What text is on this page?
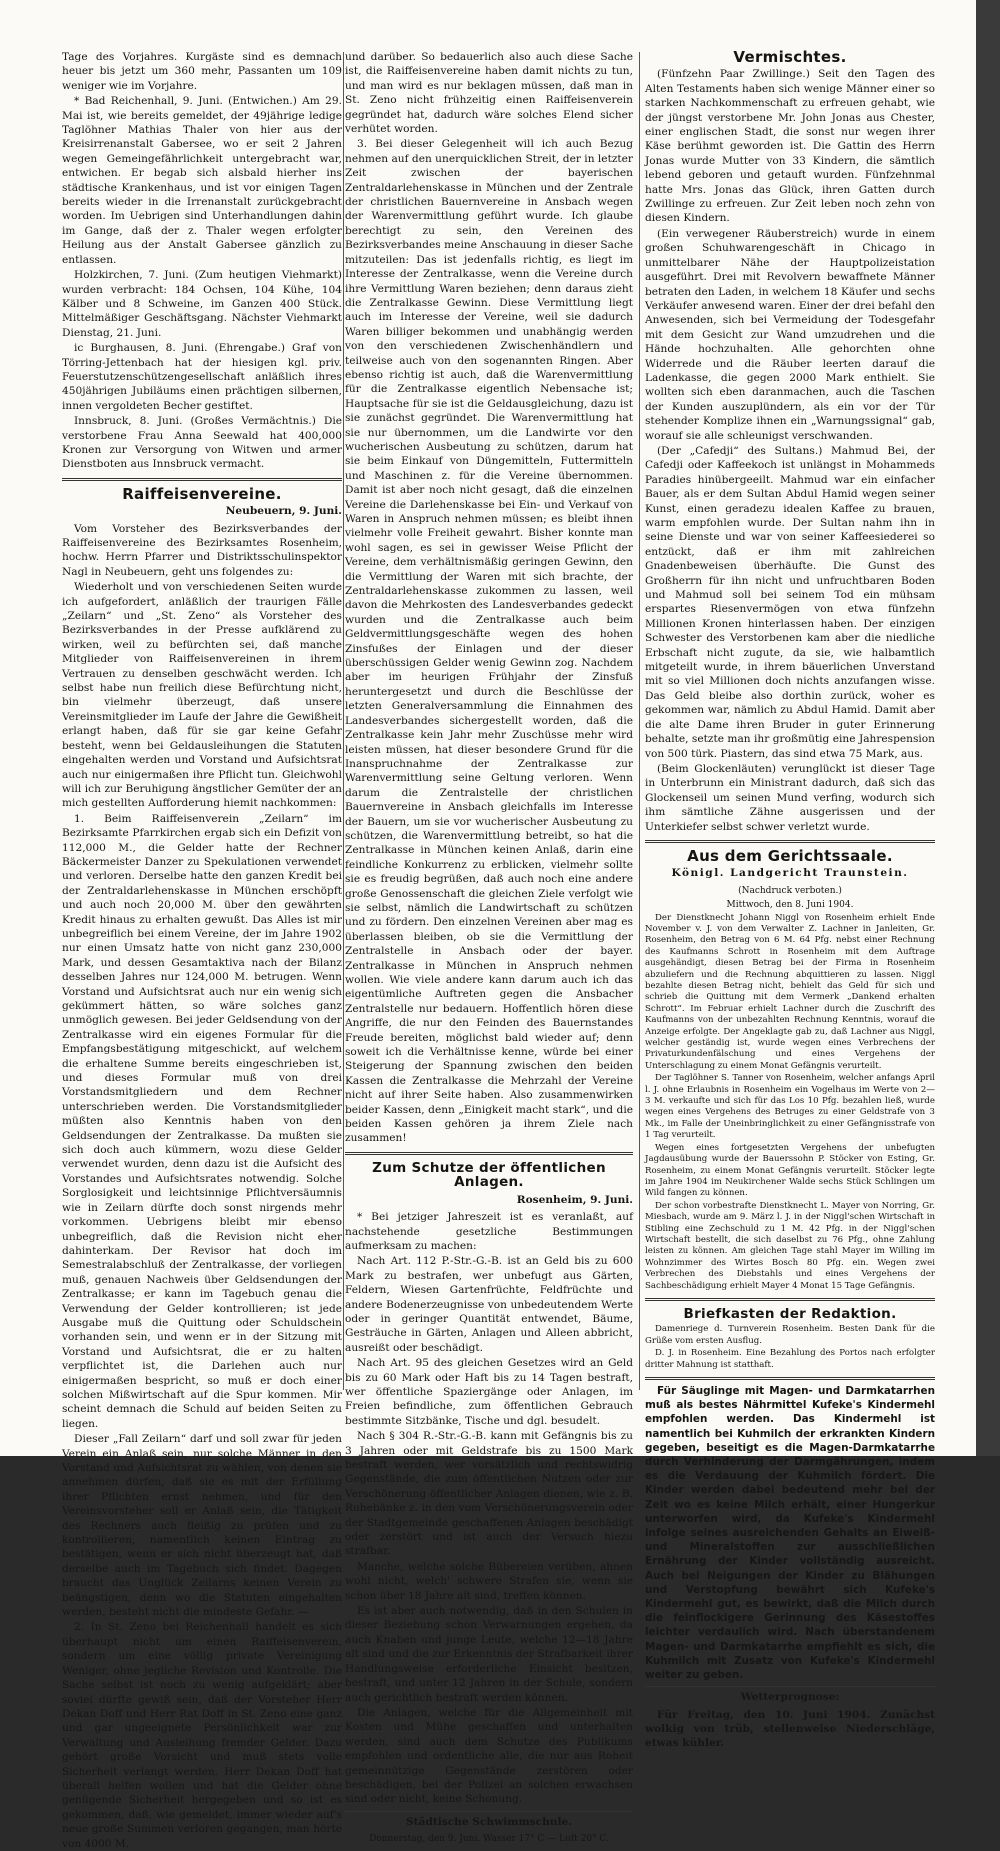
Tage des Vorjahres. Kurgäste sind es demnach heuer bis jetzt um 360 mehr, Passanten um 109 weniger wie im Vorjahre.

* Bad Reichenhall, 9. Juni. (Entwichen.) Am 29. Mai ist, wie bereits gemeldet, der 49jährige ledige Taglöhner Mathias Thaler von hier aus der Kreisirrenanstalt Gabersee, wo er seit 2 Jahren wegen Gemeingefährlichkeit untergebracht war, entwichen. Er begab sich alsbald hierher ins städtische Krankenhaus, und ist vor einigen Tagen bereits wieder in die Irrenanstalt zurückgebracht worden. Im Uebrigen sind Unterhandlungen dahin im Gange, daß der z. Thaler wegen erfolgter Heilung aus der Anstalt Gabersee gänzlich zu entlassen.

Holzkirchen, 7. Juni. (Zum heutigen Viehmarkt) wurden verbracht: 184 Ochsen, 104 Kühe, 104 Kälber und 8 Schweine, im Ganzen 400 Stück. Mittelmäßiger Geschäftsgang. Nächster Viehmarkt Dienstag, 21. Juni.

ic Burghausen, 8. Juni. (Ehrengabe.) Graf von Törring-Jettenbach hat der hiesigen kgl. priv. Feuerstutzenschützengesellschaft anläßlich ihres 450jährigen Jubiläums einen prächtigen silbernen, innen vergoldeten Becher gestiftet.

Innsbruck, 8. Juni. (Großes Vermächtnis.) Die verstorbene Frau Anna Seewald hat 400,000 Kronen zur Versorgung von Witwen und armer Dienstboten aus Innsbruck vermacht.

Raiffeisenvereine.
Neubeuern, 9. Juni.

Vom Vorsteher des Bezirksverbandes der Raiffeisenvereine des Bezirksamtes Rosenheim, hochw. Herrn Pfarrer und Distriktsschulinspektor Nagl in Neubeuern, geht uns folgendes zu:

Wiederholt und von verschiedenen Seiten wurde ich aufgefordert, anläßlich der traurigen Fälle „Zeilarn“ und „St. Zeno“ als Vorsteher des Bezirksverbandes in der Presse aufklärend zu wirken, weil zu befürchten sei, daß manche Mitglieder von Raiffeisenvereinen in ihrem Vertrauen zu denselben geschwächt werden. Ich selbst habe nun freilich diese Befürchtung nicht, bin vielmehr überzeugt, daß unsere Vereinsmitglieder im Laufe der Jahre die Gewißheit erlangt haben, daß für sie gar keine Gefahr besteht, wenn bei Geldausleihungen die Statuten eingehalten werden und Vorstand und Aufsichtsrat auch nur einigermaßen ihre Pflicht tun. Gleichwohl will ich zur Beruhigung ängstlicher Gemüter der an mich gestellten Aufforderung hiemit nachkommen:

1. Beim Raiffeisenverein „Zeilarn“ im Bezirksamte Pfarrkirchen ergab sich ein Defizit von 112,000 M., die Gelder hatte der Rechner Bäckermeister Danzer zu Spekulationen verwendet und verloren. Derselbe hatte den ganzen Kredit bei der Zentraldarlehenskasse in München erschöpft und auch noch 20,000 M. über den gewährten Kredit hinaus zu erhalten gewußt. Das Alles ist mir unbegreiflich bei einem Vereine, der im Jahre 1902 nur einen Umsatz hatte von nicht ganz 230,000 Mark, und dessen Gesamtaktiva nach der Bilanz desselben Jahres nur 124,000 M. betrugen. Wenn Vorstand und Aufsichtsrat auch nur ein wenig sich gekümmert hätten, so wäre solches ganz unmöglich gewesen. Bei jeder Geldsendung von der Zentralkasse wird ein eigenes Formular für die Empfangsbestätigung mitgeschickt, auf welchem die erhaltene Summe bereits eingeschrieben ist, und dieses Formular muß von drei Vorstandsmitgliedern und dem Rechner unterschrieben werden. Die Vorstandsmitglieder müßten also Kenntnis haben von den Geldsendungen der Zentralkasse. Da mußten sie sich doch auch kümmern, wozu diese Gelder verwendet wurden, denn dazu ist die Aufsicht des Vorstandes und Aufsichtsrates notwendig. Solche Sorglosigkeit und leichtsinnige Pflichtversäumnis wie in Zeilarn dürfte doch sonst nirgends mehr vorkommen. Uebrigens bleibt mir ebenso unbegreiflich, daß die Revision nicht eher dahinterkam. Der Revisor hat doch im Semestralabschluß der Zentralkasse, der vorliegen muß, genauen Nachweis über Geldsendungen der Zentralkasse; er kann im Tagebuch genau die Verwendung der Gelder kontrollieren; ist jede Ausgabe muß die Quittung oder Schuldschein vorhanden sein, und wenn er in der Sitzung mit Vorstand und Aufsichtsrat, die er zu halten verpflichtet ist, die Darlehen auch nur einigermaßen bespricht, so muß er doch einer solchen Mißwirtschaft auf die Spur kommen. Mir scheint demnach die Schuld auf beiden Seiten zu liegen.

Dieser „Fall Zeilarn“ darf und soll zwar für jeden Verein ein Anlaß sein, nur solche Männer in den Vorstand und Aufsichtsrat zu wählen, von denen sie annehmen dürfen, daß sie es mit der Erfüllung ihrer Pflichten ernst nehmen, und für den Vereinsvorsteher soll er Anlaß sein, die Tätigkeit des Rechners auch fleißig zu prüfen und zu kontrollieren, namentlich keinen Eintrag zu bestätigen, wenn er sich nicht überzeugt hat, daß derselbe auch im Tagebuch sich findet. Dagegen braucht das Unglück Zeilarns keinen Verein zu beängstigen, denn wo die Statuten eingehalten werden, besteht nicht die mindeste Gefahr. —

2. In St. Zeno bei Reichenhall handelt es sich überhaupt nicht um einen Raiffeisenverein, sondern um eine völlig private Vereinigung Weniger, ohne jegliche Revision und Kontrolle. Die Sache selbst ist noch zu wenig aufgeklärt; aber soviel dürfte gewiß sein, daß der Vorsteher Herr Dekan Doff und Herr Rat Doff in St. Zeno eine ganz und gar ungeeignete Persönlichkeit war zur Verwaltung und Ausleihung fremder Gelder. Dazu gehört große Vorsicht und muß stets volle Sicherheit verlangt werden. Herr Dekan Doff hat überall helfen wollen und hat die Gelder ohne genügende Sicherheit hergegeben und so ist es gekommen, daß, wie gemeldet, immer wieder auf's neue große Summen verloren gegangen, man hörte von 4000 M.

und darüber. So bedauerlich also auch diese Sache ist, die Raiffeisenvereine haben damit nichts zu tun, und man wird es nur beklagen müssen, daß man in St. Zeno nicht frühzeitig einen Raiffeisenverein gegründet hat, dadurch wäre solches Elend sicher verhütet worden.

3. Bei dieser Gelegenheit will ich auch Bezug nehmen auf den unerquicklichen Streit, der in letzter Zeit zwischen der bayerischen Zentraldarlehenskasse in München und der Zentrale der christlichen Bauernvereine in Ansbach wegen der Warenvermittlung geführt wurde. Ich glaube berechtigt zu sein, den Vereinen des Bezirksverbandes meine Anschauung in dieser Sache mitzuteilen: Das ist jedenfalls richtig, es liegt im Interesse der Zentralkasse, wenn die Vereine durch ihre Vermittlung Waren beziehen; denn daraus zieht die Zentralkasse Gewinn. Diese Vermittlung liegt auch im Interesse der Vereine, weil sie dadurch Waren billiger bekommen und unabhängig werden von den verschiedenen Zwischenhändlern und teilweise auch von den sogenannten Ringen. Aber ebenso richtig ist auch, daß die Warenvermittlung für die Zentralkasse eigentlich Nebensache ist; Hauptsache für sie ist die Geldausgleichung, dazu ist sie zunächst gegründet. Die Warenvermittlung hat sie nur übernommen, um die Landwirte vor den wucherischen Ausbeutung zu schützen, darum hat sie beim Einkauf von Düngemitteln, Futtermitteln und Maschinen z. für die Vereine übernommen. Damit ist aber noch nicht gesagt, daß die einzelnen Vereine die Darlehenskasse bei Ein- und Verkauf von Waren in Anspruch nehmen müssen; es bleibt ihnen vielmehr volle Freiheit gewahrt. Bisher konnte man wohl sagen, es sei in gewisser Weise Pflicht der Vereine, dem verhältnismäßig geringen Gewinn, den die Vermittlung der Waren mit sich brachte, der Zentraldarlehenskasse zukommen zu lassen, weil davon die Mehrkosten des Landesverbandes gedeckt wurden und die Zentralkasse auch beim Geldvermittlungsgeschäfte wegen des hohen Zinsfußes der Einlagen und der dieser überschüssigen Gelder wenig Gewinn zog. Nachdem aber im heurigen Frühjahr der Zinsfuß heruntergesetzt und durch die Beschlüsse der letzten Generalversammlung die Einnahmen des Landesverbandes sichergestellt worden, daß die Zentralkasse kein Jahr mehr Zuschüsse mehr wird leisten müssen, hat dieser besondere Grund für die Inanspruchnahme der Zentralkasse zur Warenvermittlung seine Geltung verloren. Wenn darum die Zentralstelle der christlichen Bauernvereine in Ansbach gleichfalls im Interesse der Bauern, um sie vor wucherischer Ausbeutung zu schützen, die Warenvermittlung betreibt, so hat die Zentralkasse in München keinen Anlaß, darin eine feindliche Konkurrenz zu erblicken, vielmehr sollte sie es freudig begrüßen, daß auch noch eine andere große Genossenschaft die gleichen Ziele verfolgt wie sie selbst, nämlich die Landwirtschaft zu schützen und zu fördern. Den einzelnen Vereinen aber mag es überlassen bleiben, ob sie die Vermittlung der Zentralstelle in Ansbach oder der bayer. Zentralkasse in München in Anspruch nehmen wollen. Wie viele andere kann darum auch ich das eigentümliche Auftreten gegen die Ansbacher Zentralstelle nur bedauern. Hoffentlich hören diese Angriffe, die nur den Feinden des Bauernstandes Freude bereiten, möglichst bald wieder auf; denn soweit ich die Verhältnisse kenne, würde bei einer Steigerung der Spannung zwischen den beiden Kassen die Zentralkasse die Mehrzahl der Vereine nicht auf ihrer Seite haben. Also zusammenwirken beider Kassen, denn „Einigkeit macht stark“, und die beiden Kassen gehören ja ihrem Ziele nach zusammen!

Zum Schutze der öffentlichen Anlagen.
Rosenheim, 9. Juni.

* Bei jetziger Jahreszeit ist es veranlaßt, auf nachstehende gesetzliche Bestimmungen aufmerksam zu machen:

Nach Art. 112 P.-Str.-G.-B. ist an Geld bis zu 600 Mark zu bestrafen, wer unbefugt aus Gärten, Feldern, Wiesen Gartenfrüchte, Feldfrüchte und andere Bodenerzeugnisse von unbedeutendem Werte oder in geringer Quantität entwendet, Bäume, Gesträuche in Gärten, Anlagen und Alleen abbricht, ausreißt oder beschädigt.

Nach Art. 95 des gleichen Gesetzes wird an Geld bis zu 60 Mark oder Haft bis zu 14 Tagen bestraft, wer öffentliche Spaziergänge oder Anlagen, im Freien befindliche, zum öffentlichen Gebrauch bestimmte Sitzbänke, Tische und dgl. besudelt.

Nach § 304 R.-Str.-G.-B. kann mit Gefängnis bis zu 3 Jahren oder mit Geldstrafe bis zu 1500 Mark bestraft werden, wer vorsätzlich und rechtswidrig Gegenstände, die zum öffentlichen Nutzen oder zur Verschönerung öffentlicher Anlagen dienen, wie z. B. Ruhebänke z. in den vom Verschönerungsverein oder der Stadtgemeinde geschaffenen Anlagen beschädigt oder zerstört und ist auch der Versuch hiezu strafbar.

Manche, welche solche Bübereien verüben, ahnen wohl nicht, welch' schwere Strafen sie, wenn sie schon über 18 Jahre alt sind, treffen können.

Es ist aber auch notwendig, daß in den Schulen in dieser Beziehung schon Verwarnungen ergehen, da auch Knaben und junge Leute, welche 12—18 Jahre alt sind und die zur Erkenntnis der Strafbarkeit ihrer Handlungsweise erforderliche Einsicht besitzen, bestraft, und unter 12 Jahren in der Schule, sondern auch gerichtlich bestraft werden können.

Die Anlagen, welche für die Allgemeinheit mit Kosten und Mühe geschaffen und unterhalten werden, sind auch dem Schutze des Publikums empfohlen und ordentliche alle, die nur aus Roheit gemeinnützige Gegenstände zerstören oder beschädigen, bei der Polizei an solchen erwachsen sind oder nicht, keine Schonung.

Städtische Schwimmschule.
Donnerstag, den 9. Juni. Wasser 17° C — Luft 20° C.
Vermischtes.

(Fünfzehn Paar Zwillinge.) Seit den Tagen des Alten Testaments haben sich wenige Männer einer so starken Nachkommenschaft zu erfreuen gehabt, wie der jüngst verstorbene Mr. John Jonas aus Chester, einer englischen Stadt, die sonst nur wegen ihrer Käse berühmt geworden ist. Die Gattin des Herrn Jonas wurde Mutter von 33 Kindern, die sämtlich lebend geboren und getauft wurden. Fünfzehnmal hatte Mrs. Jonas das Glück, ihren Gatten durch Zwillinge zu erfreuen. Zur Zeit leben noch zehn von diesen Kindern.

(Ein verwegener Räuberstreich) wurde in einem großen Schuhwarengeschäft in Chicago in unmittelbarer Nähe der Hauptpolizeistation ausgeführt. Drei mit Revolvern bewaffnete Männer betraten den Laden, in welchem 18 Käufer und sechs Verkäufer anwesend waren. Einer der drei befahl den Anwesenden, sich bei Vermeidung der Todesgefahr mit dem Gesicht zur Wand umzudrehen und die Hände hochzuhalten. Alle gehorchten ohne Widerrede und die Räuber leerten darauf die Ladenkasse, die gegen 2000 Mark enthielt. Sie wollten sich eben daranmachen, auch die Taschen der Kunden auszuplündern, als ein vor der Tür stehender Komplize ihnen ein „Warnungssignal“ gab, worauf sie alle schleunigst verschwanden.

(Der „Cafedji“ des Sultans.) Mahmud Bei, der Cafedji oder Kaffeekoch ist unlängst in Mohammeds Paradies hinübergeeilt. Mahmud war ein einfacher Bauer, als er dem Sultan Abdul Hamid wegen seiner Kunst, einen geradezu idealen Kaffee zu brauen, warm empfohlen wurde. Der Sultan nahm ihn in seine Dienste und war von seiner Kaffeesiederei so entzückt, daß er ihm mit zahlreichen Gnadenbeweisen überhäufte. Die Gunst des Großherrn für ihn nicht und unfruchtbaren Boden und Mahmud soll bei seinem Tod ein mühsam erspartes Riesenvermögen von etwa fünfzehn Millionen Kronen hinterlassen haben. Der einzigen Schwester des Verstorbenen kam aber die niedliche Erbschaft nicht zugute, da sie, wie halbamtlich mitgeteilt wurde, in ihrem bäuerlichen Unverstand mit so viel Millionen doch nichts anzufangen wisse. Das Geld bleibe also dorthin zurück, woher es gekommen war, nämlich zu Abdul Hamid. Damit aber die alte Dame ihren Bruder in guter Erinnerung behalte, setzte man ihr großmütig eine Jahrespension von 500 türk. Piastern, das sind etwa 75 Mark, aus.

(Beim Glockenläuten) verunglückt ist dieser Tage in Unterbrunn ein Ministrant dadurch, daß sich das Glockenseil um seinen Mund verfing, wodurch sich ihm sämtliche Zähne ausgerissen und der Unterkiefer selbst schwer verletzt wurde.

Aus dem Gerichtssaale.
Königl. Landgericht Traunstein.
(Nachdruck verboten.)
Mittwoch, den 8. Juni 1904.

Der Dienstknecht Johann Niggl von Rosenheim erhielt Ende November v. J. von dem Verwalter Z. Lachner in Janleiten, Gr. Rosenheim, den Betrag von 6 M. 64 Pfg. nebst einer Rechnung des Kaufmanns Schrott in Rosenheim mit dem Auftrage ausgehändigt, diesen Betrag bei der Firma in Rosenheim abzuliefern und die Rechnung abquittieren zu lassen. Niggl bezahlte diesen Betrag nicht, behielt das Geld für sich und schrieb die Quittung mit dem Vermerk „Dankend erhalten Schrott“. Im Februar erhielt Lachner durch die Zuschrift des Kaufmanns von der unbezahlten Rechnung Kenntnis, worauf die Anzeige erfolgte. Der Angeklagte gab zu, daß Lachner aus Niggl, welcher geständig ist, wurde wegen eines Verbrechens der Privaturkundenfälschung und eines Vergehens der Unterschlagung zu einem Monat Gefängnis verurteilt.

Der Taglöhner S. Tanner von Rosenheim, welcher anfangs April l. J. ohne Erlaubnis in Rosenheim ein Vogelhaus im Werte von 2—3 M. verkaufte und sich für das Los 10 Pfg. bezahlen ließ, wurde wegen eines Vergehens des Betruges zu einer Geldstrafe von 3 Mk., im Falle der Uneinbringlichkeit zu einer Gefängnisstrafe von 1 Tag verurteilt.

Wegen eines fortgesetzten Vergehens der unbefugten Jagdausübung wurde der Bauerssohn P. Stöcker von Esting, Gr. Rosenheim, zu einem Monat Gefängnis verurteilt. Stöcker legte im Jahre 1904 im Neukirchener Walde sechs Stück Schlingen um Wild fangen zu können.

Der schon vorbestrafte Dienstknecht L. Mayer von Norring, Gr. Miesbach, wurde am 9. März l. J. in der Niggl'schen Wirtschaft in Stibling eine Zechschuld zu 1 M. 42 Pfg. in der Niggl'schen Wirtschaft bestellt, die sich daselbst zu 76 Pfg., ohne Zahlung leisten zu können. Am gleichen Tage stahl Mayer im Willing im Wohnzimmer des Wirtes Bosch 80 Pfg. ein. Wegen zwei Verbrechen des Diebstahls und eines Vergehens der Sachbeschädigung erhielt Mayer 4 Monat 15 Tage Gefängnis.

Briefkasten der Redaktion.

Damenriege d. Turnverein Rosenheim. Besten Dank für die Grüße vom ersten Ausflug.

D. J. in Rosenheim. Eine Bezahlung des Portos nach erfolgter dritter Mahnung ist statthaft.

Für Säuglinge mit Magen- und Darmkatarrhen muß als bestes Nährmittel Kufeke's Kindermehl empfohlen werden. Das Kindermehl ist namentlich bei Kuhmilch der erkrankten Kindern gegeben, beseitigt es die Magen-Darmkatarrhe durch Verhinderung der Darmgährungen, indem es die Verdauung der Kuhmilch fördert. Die Kinder werden dabei bedeutend mehr bei der Zeit wo es keine Milch erhält, einer Hungerkur unterworfen wird, da Kufeke's Kindermehl infolge seines ausreichenden Gehalts an Eiweiß- und Mineralstoffen zur ausschließlichen Ernährung der Kinder vollständig ausreicht. Auch bei Neigungen der Kinder zu Blähungen und Verstopfung bewährt sich Kufeke's Kindermehl gut, es bewirkt, daß die Milch durch die feinflockigere Gerinnung des Käsestoffes leichter verdaulich wird. Nach überstandenem Magen- und Darmkatarrhe empfiehlt es sich, die Kuhmilch mit Zusatz von Kufeke's Kindermehl weiter zu geben.

Wetterprognose:

Für Freitag, den 10. Juni 1904. Zunächst wolkig von trüb, stellenweise Niederschläge, etwas kühler.
